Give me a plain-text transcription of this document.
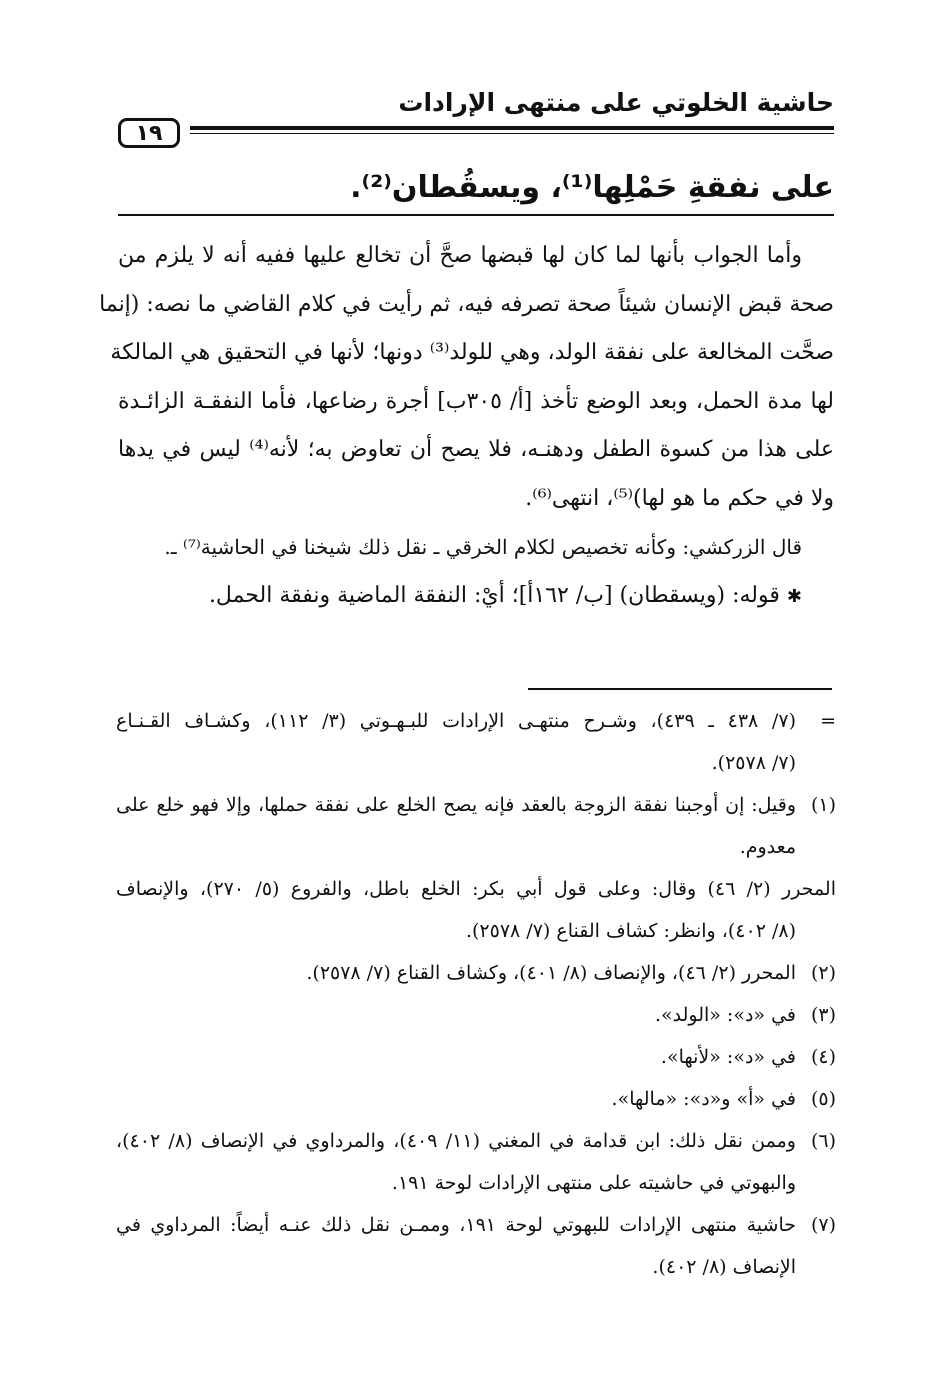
حاشية الخلوتي على منتهى الإرادات
١٩
على نفقةِ حَمْلِها⁽¹⁾، ويسقُطان⁽²⁾.
وأما الجواب بأنها لما كان لها قبضها صحَّ أن تخالع عليها ففيه أنه لا يلزم من
صحة قبض الإنسان شيئاً صحة تصرفه فيه، ثم رأيت في كلام القاضي ما نصه: (إنما
صحَّت المخالعة على نفقة الولد، وهي للولد⁽³⁾ دونها؛ لأنها في التحقيق هي المالكة
لها مدة الحمل، وبعد الوضع تأخذ [أ/ ٣٠٥ب] أجرة رضاعها، فأما النفقـة الزائـدة
على هذا من كسوة الطفل ودهنـه، فلا يصح أن تعاوض به؛ لأنه⁽⁴⁾ ليس في يدها
ولا في حكم ما هو لها)⁽⁵⁾، انتهى⁽⁶⁾.
قال الزركشي: وكأنه تخصيص لكلام الخرقي ـ نقل ذلك شيخنا في الحاشية⁽⁷⁾ ـ.
✱ قوله: (ويسقطان) [ب/ ١٦٢أ]؛ أيْ: النفقة الماضية ونفقة الحمل.
=
(٧/ ٤٣٨ ـ ٤٣٩)، وشـرح منتهـى الإرادات للبـهـوتي (٣/ ١١٢)، وكشـاف القـنـاع
(٧/ ٢٥٧٨).
(١)
وقيل: إن أوجبنا نفقة الزوجة بالعقد فإنه يصح الخلع على نفقة حملها، وإلا فهو خلع على
معدوم.
المحرر (٢/ ٤٦) وقال: وعلى قول أبي بكر: الخلع باطل، والفروع (٥/ ٢٧٠)، والإنصاف
(٨/ ٤٠٢)، وانظر: كشاف القناع (٧/ ٢٥٧٨).
(٢)
المحرر (٢/ ٤٦)، والإنصاف (٨/ ٤٠١)، وكشاف القناع (٧/ ٢٥٧٨).
(٣)
في «د»: «الولد».
(٤)
في «د»: «لأنها».
(٥)
في «أ» و«د»: «مالها».
(٦)
وممن نقل ذلك: ابن قدامة في المغني (١١/ ٤٠٩)، والمرداوي في الإنصاف (٨/ ٤٠٢)،
والبهوتي في حاشيته على منتهى الإرادات لوحة ١٩١.
(٧)
حاشية منتهى الإرادات للبهوتي لوحة ١٩١، وممـن نقل ذلك عنـه أيضاً: المرداوي في
الإنصاف (٨/ ٤٠٢).
